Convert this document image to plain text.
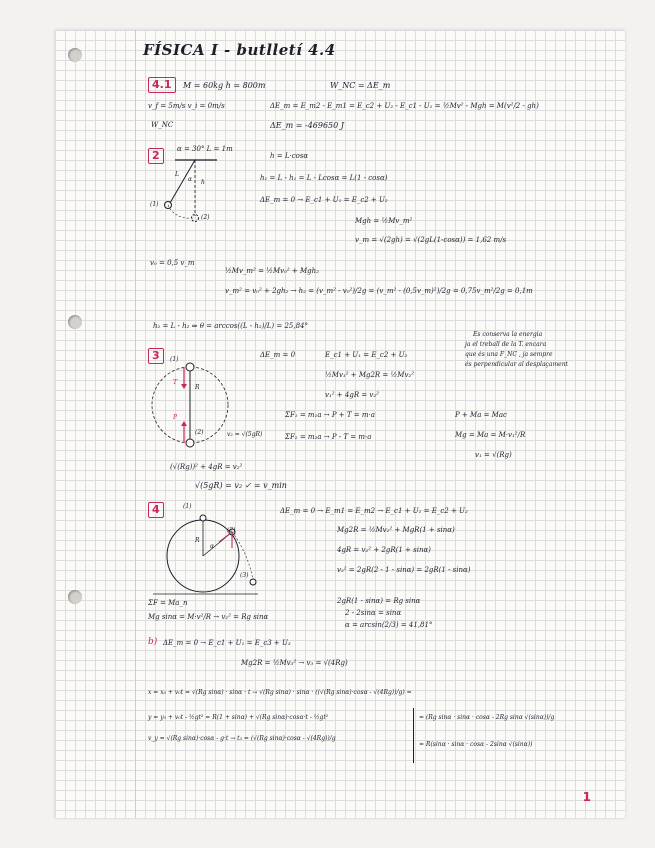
FÍSICA I - butlletí 4.4
4.1	M = 60kg h = 800m	W_NC = ΔE_m
v_f = 5m/s v_i = 0m/s	ΔE_m = E_m2 - E_m1 = E_c2 + U₂ - E_c1 - U₁ = ½Mv² - Mgh = M(v²/2 - gh)
W_NC	ΔE_m = -469650 J
2	α = 30° L = 1m
α
L
h
(1)
(2)
h = L·cosα
h₁ = L - h₁ = L - Lcosα = L(1 - cosα)
ΔE_m = 0 → E_c1 + U₁ = E_c2 + U₂
Mgh = ½Mv_m²
v_m = √(2gh) = √(2gL(1-cosα)) = 1,62 m/s
v₀ = 0,5 v_m
½Mv_m² = ½Mv₀² + Mgh₂
v_m² = v₀² + 2gh₂ → h₂ = (v_m² - v₀²)/2g = (v_m² - (0,5v_m)²)/2g = 0,75v_m²/2g = 0,1m
h₂ = L - h₂ ⇒ θ = arccos((L - h₂)/L) = 25,84°
Es conserva la energia
ja el treball de la T. encara
que és una F_NC , ja sempre
és perpendicular al desplaçament
3	(1)
(2)
R
T
P
v₂ = √(5gR)
ΔE_m = 0	E_c1 + U₁ = E_c2 + U₂
½Mv₁² + Mg2R = ½Mv₂²
v₁² + 4gR = v₂²
ΣF₁ = m₁a → P + T = m·a
ΣF₂ = m₂a → P - T = m·a
P + Ma = Mac
Mg = Ma = M·v₁²/R
v₁ = √(Rg)
(√(Rg))² + 4gR = v₂²
√(5gR) = v₂ ✓ = v_min
4	(1)
(2)
(3)
R
α
ΔE_m = 0 → E_m1 = E_m2 → E_c1 + U₁ = E_c2 + U₂
Mg2R = ½Mv₂² + MgR(1 + sinα)
4gR = v₂² + 2gR(1 + sinα)
v₂² = 2gR(2 - 1 - sinα) = 2gR(1 - sinα)
ΣF = Ma_n
Mg sinα = M·v²/R → v₂² = Rg sinα
2gR(1 - sinα) = Rg sinα
2 - 2sinα = sinα
α = arcsin(2/3) = 41,81°
b) ΔE_m = 0 → E_c1 + U₁ = E_c3 + U₃
Mg2R = ½Mv₃² → v₃ = √(4Rg)
x = x₀ + v₀t = √(Rg sinα) · sinα · t → √(Rg sinα) · sinα · ((√(Rg sinα)·cosα - √(4Rg))/g) =
y = y₀ + v₀t - ½gt² = R(1 + sinα) + √(Rg sinα)·cosα·t - ½gt²
v_y = √(Rg sinα)·cosα - g·t → t₃ = (√(Rg sinα)·cosα - √(4Rg))/g
= (Rg sinα · sinα · cosα - 2Rg sinα √(sinα))/g
= R(sinα · sinα · cosα - 2sinα √(sinα))
1
